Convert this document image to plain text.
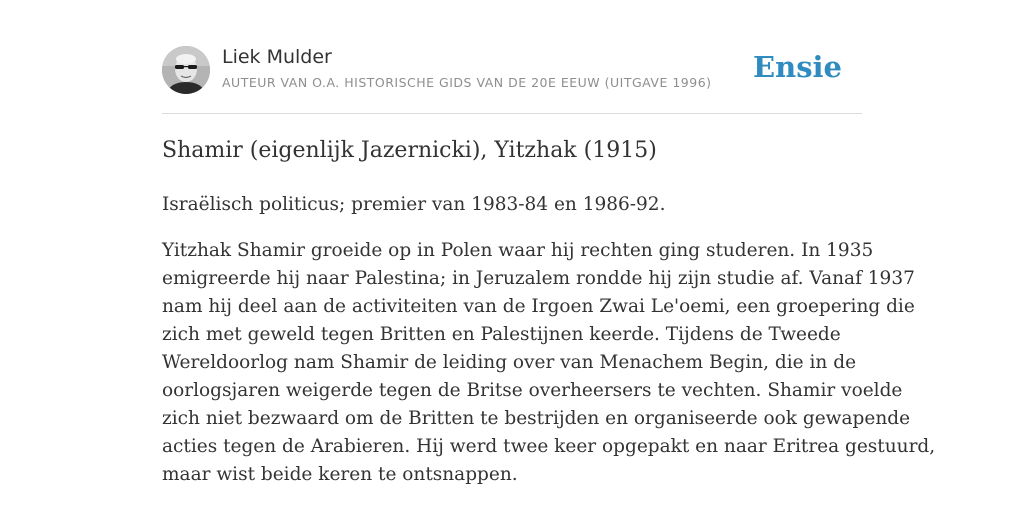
Liek Mulder
AUTEUR VAN O.A. HISTORISCHE GIDS VAN DE 20E EEUW (UITGAVE 1996) Ensie
Shamir (eigenlijk Jazernicki), Yitzhak (1915)

Israëlisch politicus; premier van 1983-84 en 1986-92.

Yitzhak Shamir groeide op in Polen waar hij rechten ging studeren. In 1935
emigreerde hij naar Palestina; in Jeruzalem rondde hij zijn studie af. Vanaf 1937
nam hij deel aan de activiteiten van de Irgoen Zwai Le'oemi, een groepering die
zich met geweld tegen Britten en Palestijnen keerde. Tijdens de Tweede
Wereldoorlog nam Shamir de leiding over van Menachem Begin, die in de
oorlogsjaren weigerde tegen de Britse overheersers te vechten. Shamir voelde
zich niet bezwaard om de Britten te bestrijden en organiseerde ook gewapende
acties tegen de Arabieren. Hij werd twee keer opgepakt en naar Eritrea gestuurd,
maar wist beide keren te ontsnappen.
